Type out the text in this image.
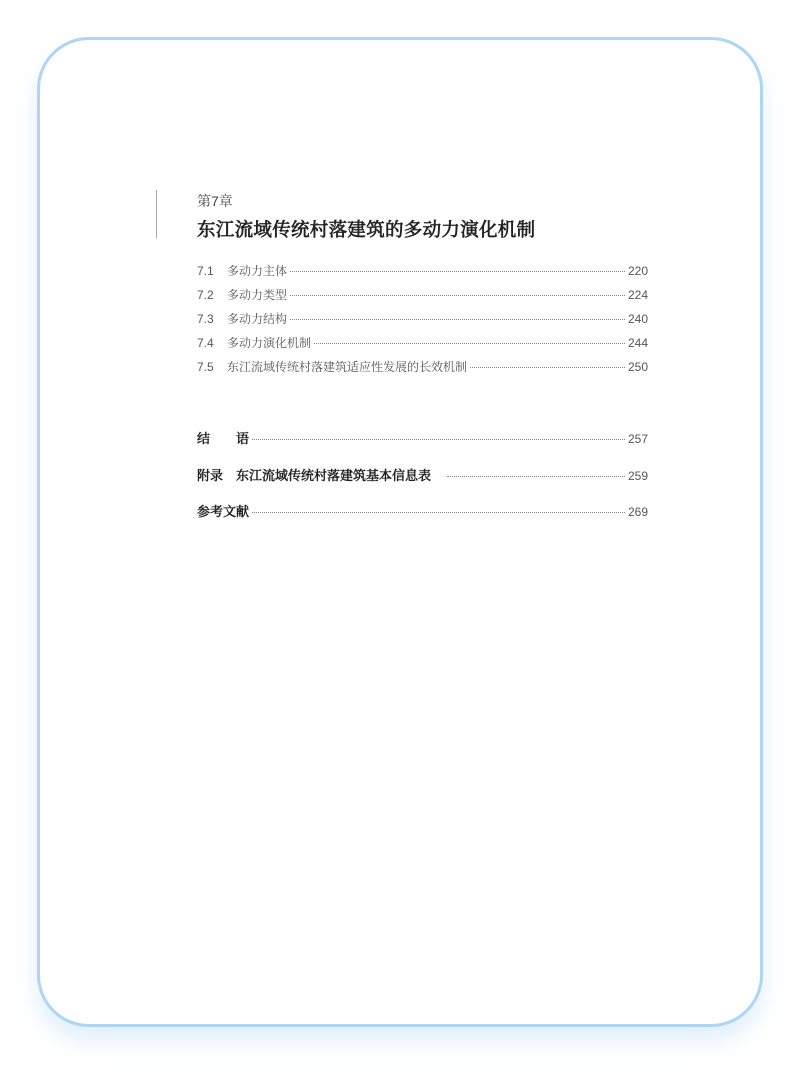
第7章
东江流域传统村落建筑的多动力演化机制
7.1	多动力主体	220
7.2	多动力类型	224
7.3	多动力结构	240
7.4	多动力演化机制	244
7.5	东江流域传统村落建筑适应性发展的长效机制	250
结　　语	257
附录　东江流域传统村落建筑基本信息表　	259
参考文献	269
